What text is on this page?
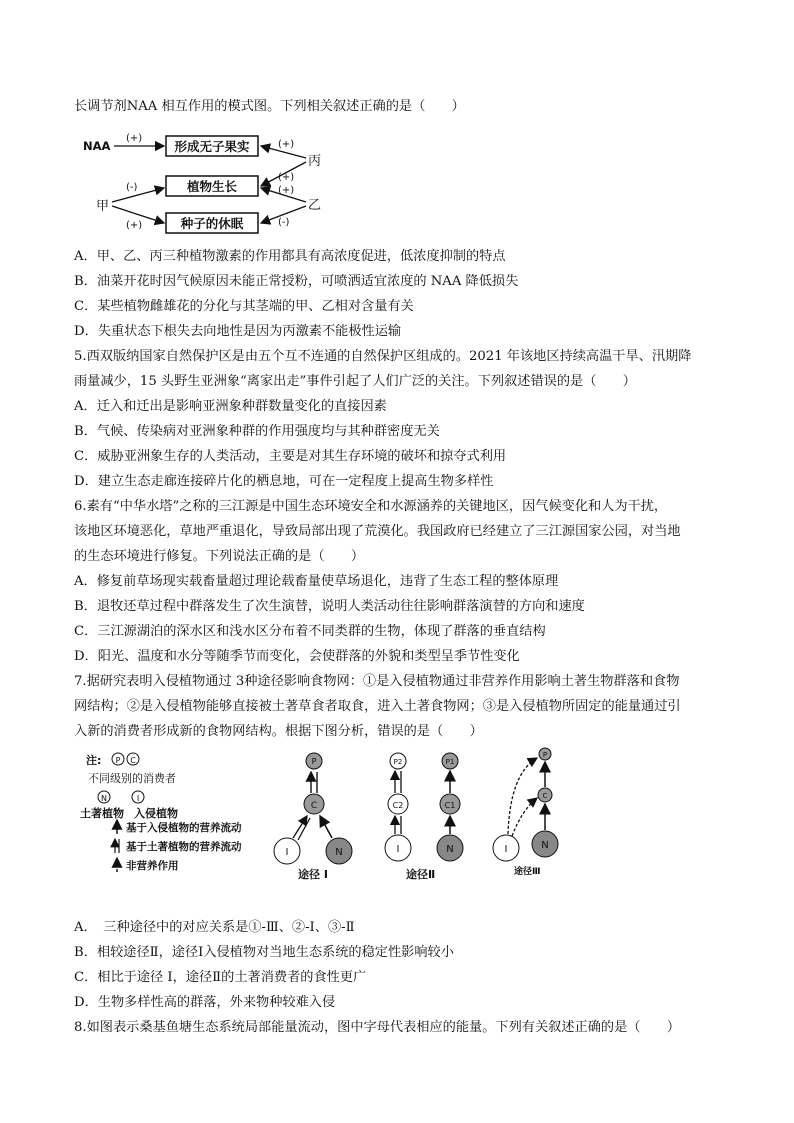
长调节剂NAA 相互作用的模式图。下列相关叙述正确的是（　　）
形成无子果实
植物生长
种子的休眠
NAA
(+)
丙
(+)
(+)
乙
(+)
(-)
甲
(-)
(+)
A．甲、乙、丙三种植物激素的作用都具有高浓度促进，低浓度抑制的特点
B．油菜开花时因气候原因未能正常授粉，可喷洒适宜浓度的 NAA 降低损失
C．某些植物雌雄花的分化与其茎端的甲、乙相对含量有关
D．失重状态下根失去向地性是因为丙激素不能极性运输
5.西双版纳国家自然保护区是由五个互不连通的自然保护区组成的。2021 年该地区持续高温干旱、汛期降
雨量减少，15 头野生亚洲象“离家出走”事件引起了人们广泛的关注。下列叙述错误的是（　　）
A．迁入和迁出是影响亚洲象种群数量变化的直接因素
B．气候、传染病对亚洲象种群的作用强度均与其种群密度无关
C．威胁亚洲象生存的人类活动，主要是对其生存环境的破坏和掠夺式利用
D．建立生态走廊连接碎片化的栖息地，可在一定程度上提高生物多样性
6.素有“中华水塔”之称的三江源是中国生态环境安全和水源涵养的关键地区，因气候变化和人为干扰，
该地区环境恶化，草地严重退化，导致局部出现了荒漠化。我国政府已经建立了三江源国家公园，对当地
的生态环境进行修复。下列说法正确的是（　　）
A．修复前草场现实载畜量超过理论载畜量使草场退化，违背了生态工程的整体原理
B．退牧还草过程中群落发生了次生演替，说明人类活动往往影响群落演替的方向和速度
C．三江源湖泊的深水区和浅水区分布着不同类群的生物，体现了群落的垂直结构
D．阳光、温度和水分等随季节而变化，会使群落的外貌和类型呈季节性变化
7.据研究表明入侵植物通过 3种途径影响食物网：①是入侵植物通过非营养作用影响土著生物群落和食物
网结构；②是入侵植物能够直接被土著草食者取食，进入土著食物网；③是入侵植物所固定的能量通过引
入新的消费者形成新的食物网结构。根据下图分析，错误的是（　　）
注: P C
不同级别的消费者
N	I
土著植物 入侵植物
基于入侵植物的营养流动
基于土著植物的营养流动
非营养作用
P
C
I	N
途径 Ⅰ
P2	P1
C2	C1
I	N
途径Ⅱ
P
C
I	N
途径Ⅲ
A．　三种途径中的对应关系是①-Ⅲ、②-Ⅰ、③-Ⅱ
B．相较途径Ⅱ，途径Ⅰ入侵植物对当地生态系统的稳定性影响较小
C．相比于途径 I，途径Ⅱ的土著消费者的食性更广
D．生物多样性高的群落，外来物种较难入侵
8.如图表示桑基鱼塘生态系统局部能量流动，图中字母代表相应的能量。下列有关叙述正确的是（　　）
